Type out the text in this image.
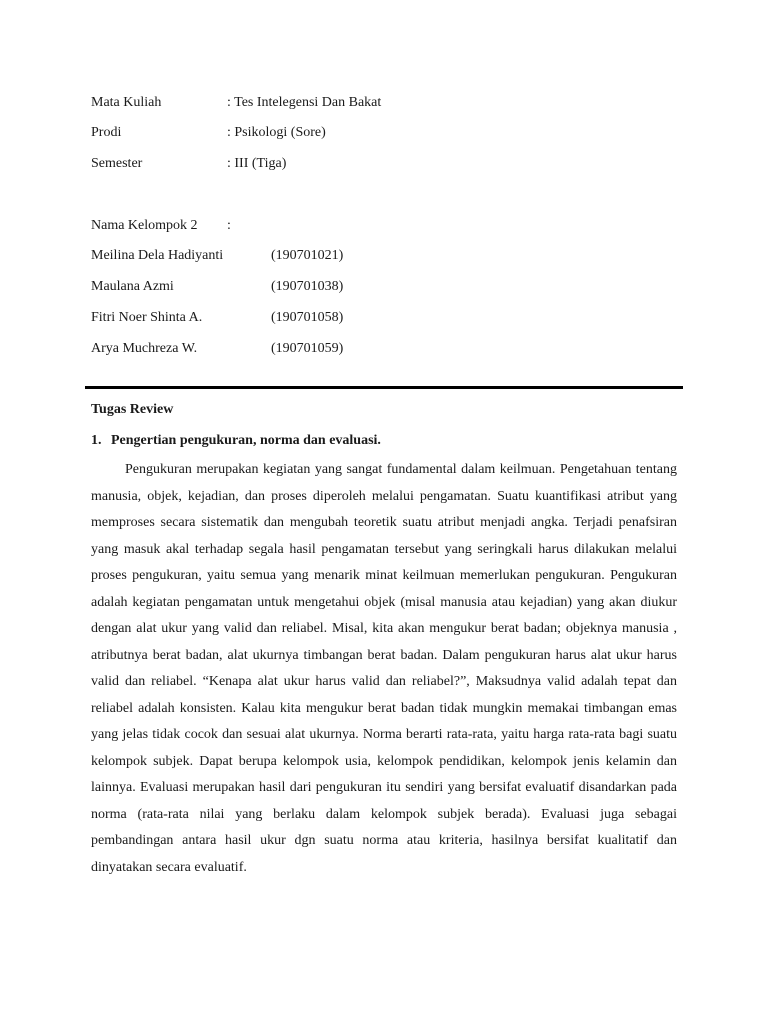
Mata Kuliah	: Tes Intelegensi Dan Bakat
Prodi	: Psikologi (Sore)
Semester	: III (Tiga)
Nama Kelompok 2 :
Meilina Dela Hadiyanti	(190701021)
Maulana Azmi	(190701038)
Fitri Noer Shinta A.	(190701058)
Arya Muchreza W.	(190701059)
Tugas Review
1. Pengertian pengukuran, norma dan evaluasi.

Pengukuran merupakan kegiatan yang sangat fundamental dalam keilmuan. Pengetahuan tentang manusia, objek, kejadian, dan proses diperoleh melalui pengamatan. Suatu kuantifikasi atribut yang memproses secara sistematik dan mengubah teoretik suatu atribut menjadi angka. Terjadi penafsiran yang masuk akal terhadap segala hasil pengamatan tersebut yang seringkali harus dilakukan melalui proses pengukuran, yaitu semua yang menarik minat keilmuan memerlukan pengukuran. Pengukuran adalah kegiatan pengamatan untuk mengetahui objek (misal manusia atau kejadian) yang akan diukur dengan alat ukur yang valid dan reliabel. Misal, kita akan mengukur berat badan; objeknya manusia , atributnya berat badan, alat ukurnya timbangan berat badan. Dalam pengukuran harus alat ukur harus valid dan reliabel. “Kenapa alat ukur harus valid dan reliabel?”, Maksudnya valid adalah tepat dan reliabel adalah konsisten. Kalau kita mengukur berat badan tidak mungkin memakai timbangan emas yang jelas tidak cocok dan sesuai alat ukurnya. Norma berarti rata-rata, yaitu harga rata-rata bagi suatu kelompok subjek. Dapat berupa kelompok usia, kelompok pendidikan, kelompok jenis kelamin dan lainnya. Evaluasi merupakan hasil dari pengukuran itu sendiri yang bersifat evaluatif disandarkan pada norma (rata-rata nilai yang berlaku dalam kelompok subjek berada). Evaluasi juga sebagai pembandingan antara hasil ukur dgn suatu norma atau kriteria, hasilnya bersifat kualitatif dan dinyatakan secara evaluatif.
